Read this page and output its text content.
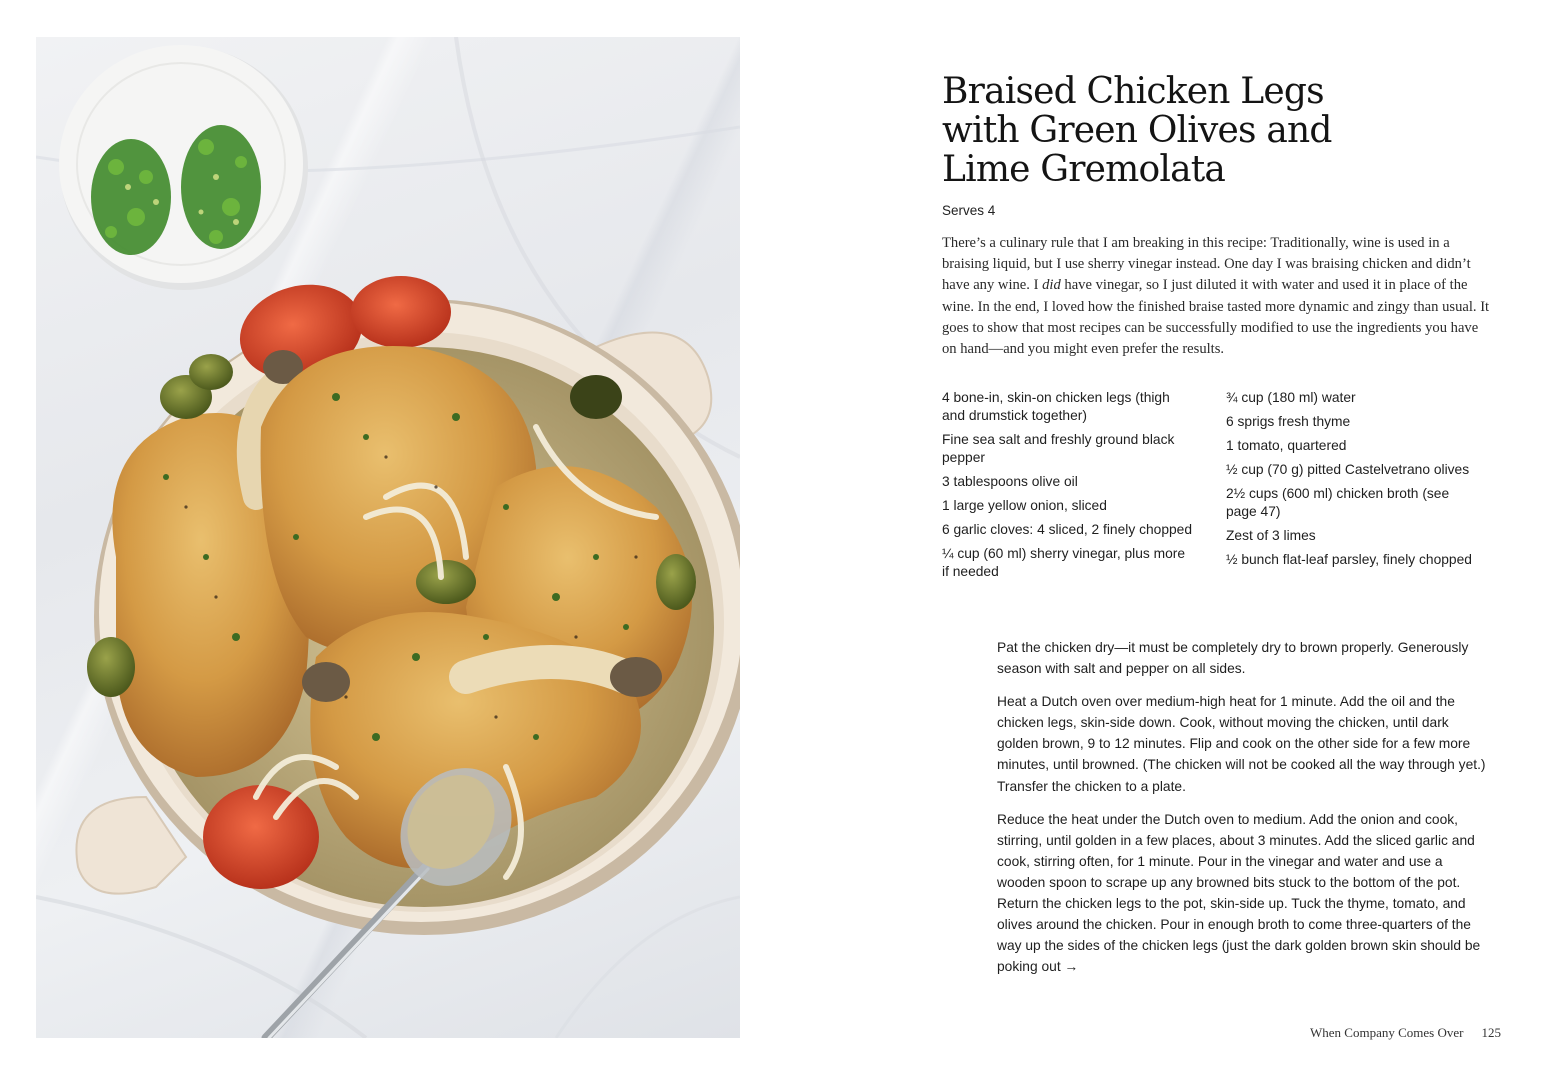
Braised Chicken Legs with Green Olives and Lime Gremolata
Serves 4

There’s a culinary rule that I am breaking in this recipe: Traditionally, wine is used in a braising liquid, but I use sherry vinegar instead. One day I was braising chicken and didn’t have any wine. I did have vinegar, so I just diluted it with water and used it in place of the wine. In the end, I loved how the finished braise tasted more dynamic and zingy than usual. It goes to show that most recipes can be successfully modified to use the ingredients you have on hand—and you might even prefer the results.

4 bone-in, skin-on chicken legs (thigh and drumstick together)
Fine sea salt and freshly ground black pepper
3 tablespoons olive oil
1 large yellow onion, sliced
6 garlic cloves: 4 sliced, 2 finely chopped
¼ cup (60 ml) sherry vinegar, plus more if needed
¾ cup (180 ml) water
6 sprigs fresh thyme
1 tomato, quartered
½ cup (70 g) pitted Castelvetrano olives
2½ cups (600 ml) chicken broth (see page 47)
Zest of 3 limes
½ bunch flat-leaf parsley, finely chopped

Pat the chicken dry—it must be completely dry to brown properly. Generously season with salt and pepper on all sides.

Heat a Dutch oven over medium-high heat for 1 minute. Add the oil and the chicken legs, skin-side down. Cook, without moving the chicken, until dark golden brown, 9 to 12 minutes. Flip and cook on the other side for a few more minutes, until browned. (The chicken will not be cooked all the way through yet.) Transfer the chicken to a plate.

Reduce the heat under the Dutch oven to medium. Add the onion and cook, stirring, until golden in a few places, about 3 minutes. Add the sliced garlic and cook, stirring often, for 1 minute. Pour in the vinegar and water and use a wooden spoon to scrape up any browned bits stuck to the bottom of the pot. Return the chicken legs to the pot, skin-side up. Tuck the thyme, tomato, and olives around the chicken. Pour in enough broth to come three-quarters of the way up the sides of the chicken legs (just the dark golden brown skin should be poking out →

When Company Comes Over 125
